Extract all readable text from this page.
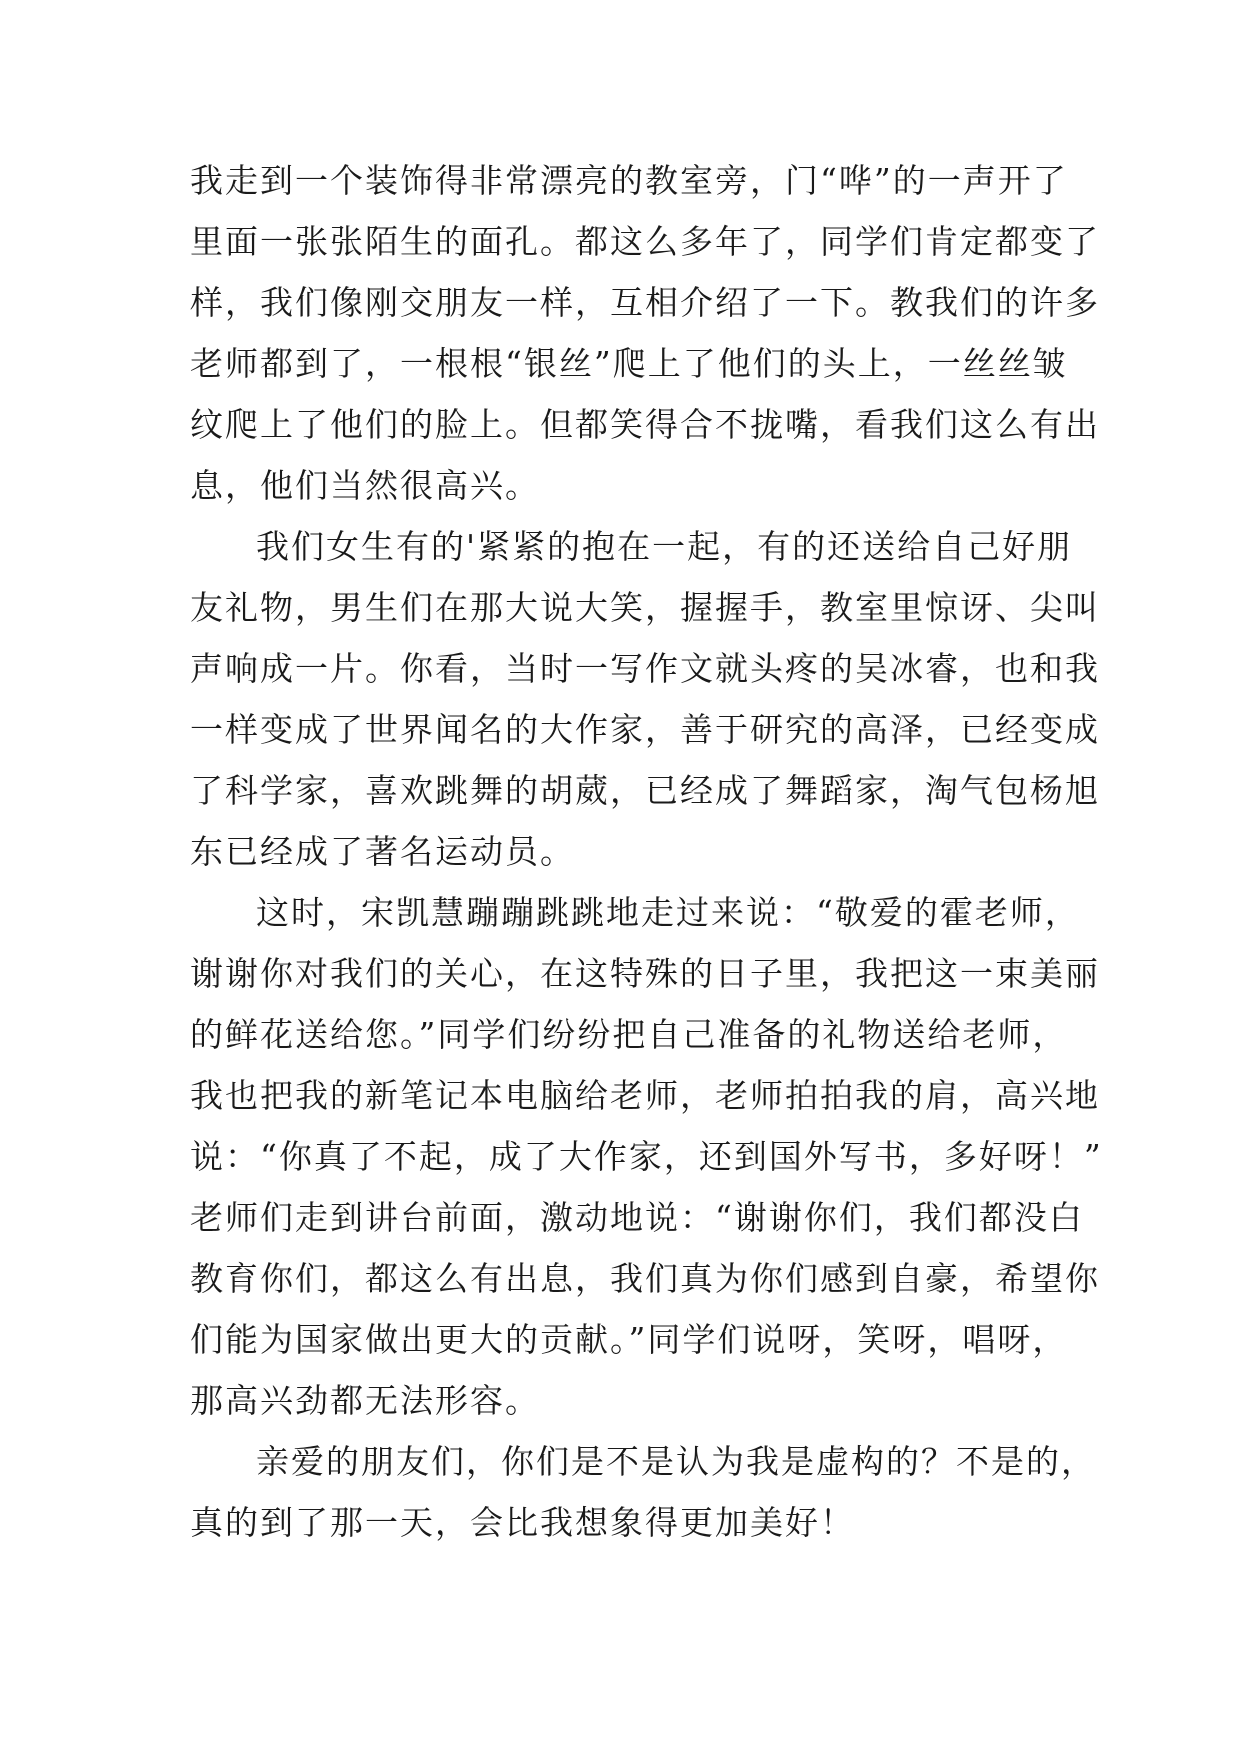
我走到一个装饰得非常漂亮的教室旁，门“哗”的一声开了
里面一张张陌生的面孔。都这么多年了，同学们肯定都变了
样，我们像刚交朋友一样，互相介绍了一下。教我们的许多
老师都到了，一根根“银丝”爬上了他们的头上，一丝丝皱
纹爬上了他们的脸上。但都笑得合不拢嘴，看我们这么有出
息，他们当然很高兴。
我们女生有的'紧紧的抱在一起，有的还送给自己好朋
友礼物，男生们在那大说大笑，握握手，教室里惊讶、尖叫
声响成一片。你看，当时一写作文就头疼的吴冰睿，也和我
一样变成了世界闻名的大作家，善于研究的高泽，已经变成
了科学家，喜欢跳舞的胡葳，已经成了舞蹈家，淘气包杨旭
东已经成了著名运动员。
这时，宋凯慧蹦蹦跳跳地走过来说：“敬爱的霍老师，
谢谢你对我们的关心，在这特殊的日子里，我把这一束美丽
的鲜花送给您。”同学们纷纷把自己准备的礼物送给老师，
我也把我的新笔记本电脑给老师，老师拍拍我的肩，高兴地
说：“你真了不起，成了大作家，还到国外写书，多好呀！”
老师们走到讲台前面，激动地说：“谢谢你们，我们都没白
教育你们，都这么有出息，我们真为你们感到自豪，希望你
们能为国家做出更大的贡献。”同学们说呀，笑呀，唱呀，
那高兴劲都无法形容。
亲爱的朋友们，你们是不是认为我是虚构的？不是的，
真的到了那一天，会比我想象得更加美好！
